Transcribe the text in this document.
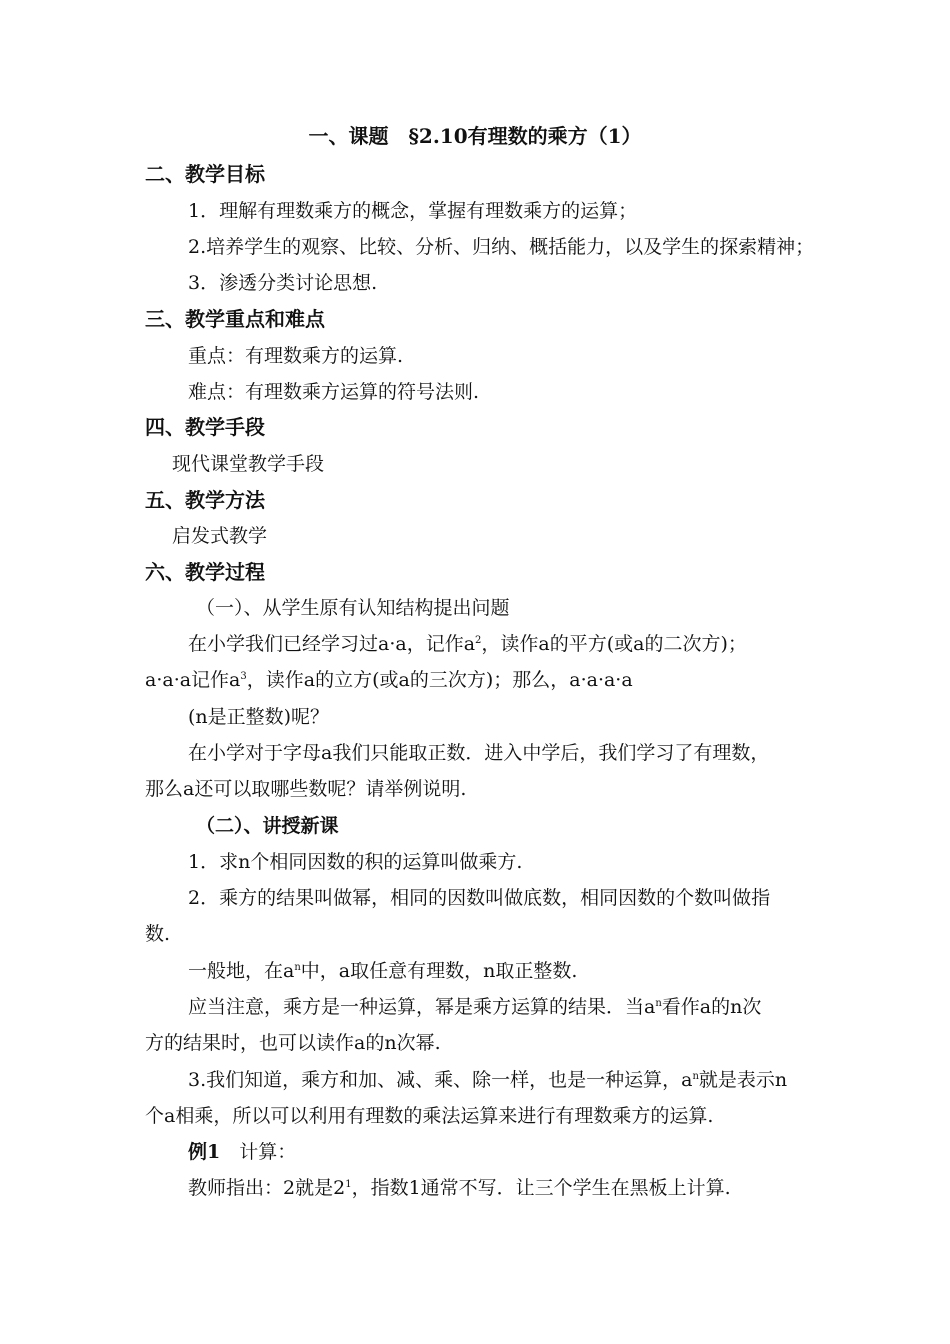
一、课题　§2.10有理数的乘方（1）
二、教学目标
1．理解有理数乘方的概念，掌握有理数乘方的运算；
2.培养学生的观察、比较、分析、归纳、概括能力，以及学生的探索精神；
3．渗透分类讨论思想.
三、教学重点和难点
重点：有理数乘方的运算.
难点：有理数乘方运算的符号法则.
四、教学手段
现代课堂教学手段
五、教学方法
启发式教学
六、教学过程
（一）、从学生原有认知结构提出问题
在小学我们已经学习过a·a，记作$a^2$，读作a的平方(或a的二次方)；
a·a·a记作$a^3$，读作a的立方(或a的三次方)；那么，a·a·a·a
(n是正整数)呢？
在小学对于字母a我们只能取正数．进入中学后，我们学习了有理数，
那么a还可以取哪些数呢？请举例说明.
（二）、讲授新课
1．求n个相同因数的积的运算叫做乘方.
2．乘方的结果叫做幂，相同的因数叫做底数，相同因数的个数叫做指
数.
一般地，在$a^n$中，a取任意有理数，n取正整数.
应当注意，乘方是一种运算，幂是乘方运算的结果．当$a^n$看作a的n次
方的结果时，也可以读作a的n次幂.
3.我们知道，乘方和加、减、乘、除一样，也是一种运算，$a^n$就是表示n
个a相乘，所以可以利用有理数的乘法运算来进行有理数乘方的运算.
例1　计算：
教师指出：2就是$2^1$，指数1通常不写．让三个学生在黑板上计算.
